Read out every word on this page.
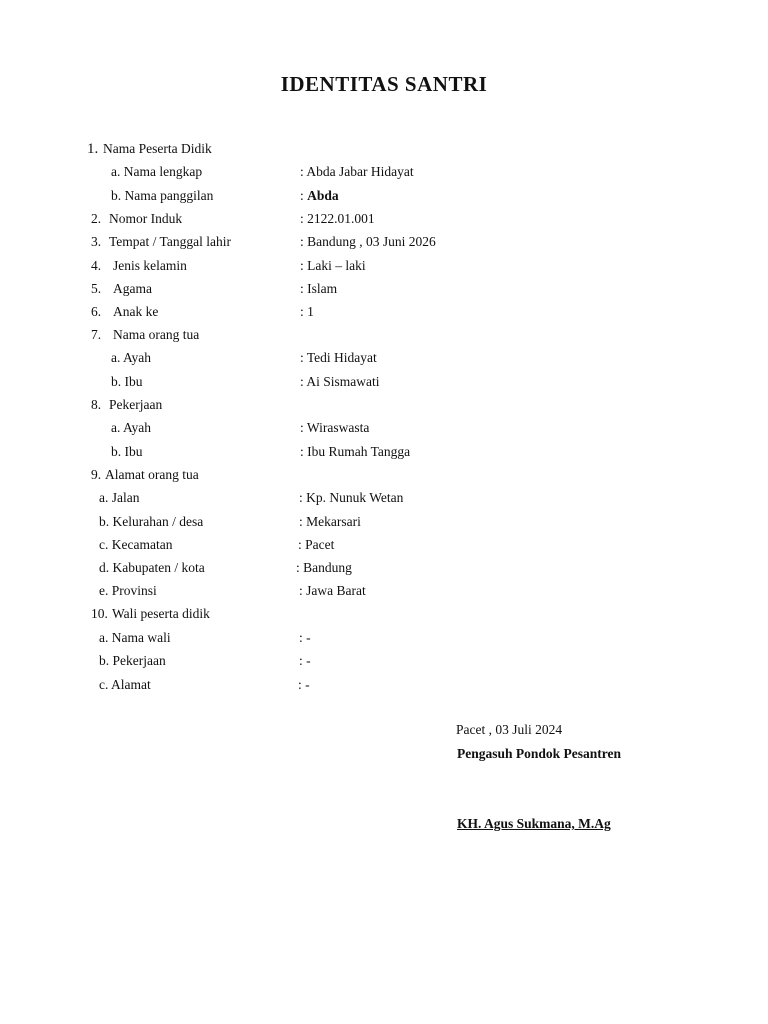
IDENTITAS SANTRI
1. Nama Peserta Didik
a. Nama lengkap	: Abda Jabar Hidayat
b. Nama panggilan	: Abda
2. Nomor Induk	: 2122.01.001
3. Tempat / Tanggal lahir	: Bandung , 03 Juni 2026
4. Jenis kelamin	: Laki – laki
5. Agama	: Islam
6. Anak ke	: 1
7. Nama orang tua
a. Ayah	: Tedi Hidayat
b. Ibu	: Ai Sismawati
8. Pekerjaan
a. Ayah	: Wiraswasta
b. Ibu	: Ibu Rumah Tangga
9. Alamat orang tua
a. Jalan	: Kp. Nunuk Wetan
b. Kelurahan / desa	: Mekarsari
c. Kecamatan	: Pacet
d. Kabupaten / kota	: Bandung
e. Provinsi	: Jawa Barat
10. Wali peserta didik
a. Nama wali	: -
b. Pekerjaan	: -
c. Alamat	: -
Pacet , 03 Juli 2024
Pengasuh Pondok Pesantren
KH. Agus Sukmana, M.Ag
